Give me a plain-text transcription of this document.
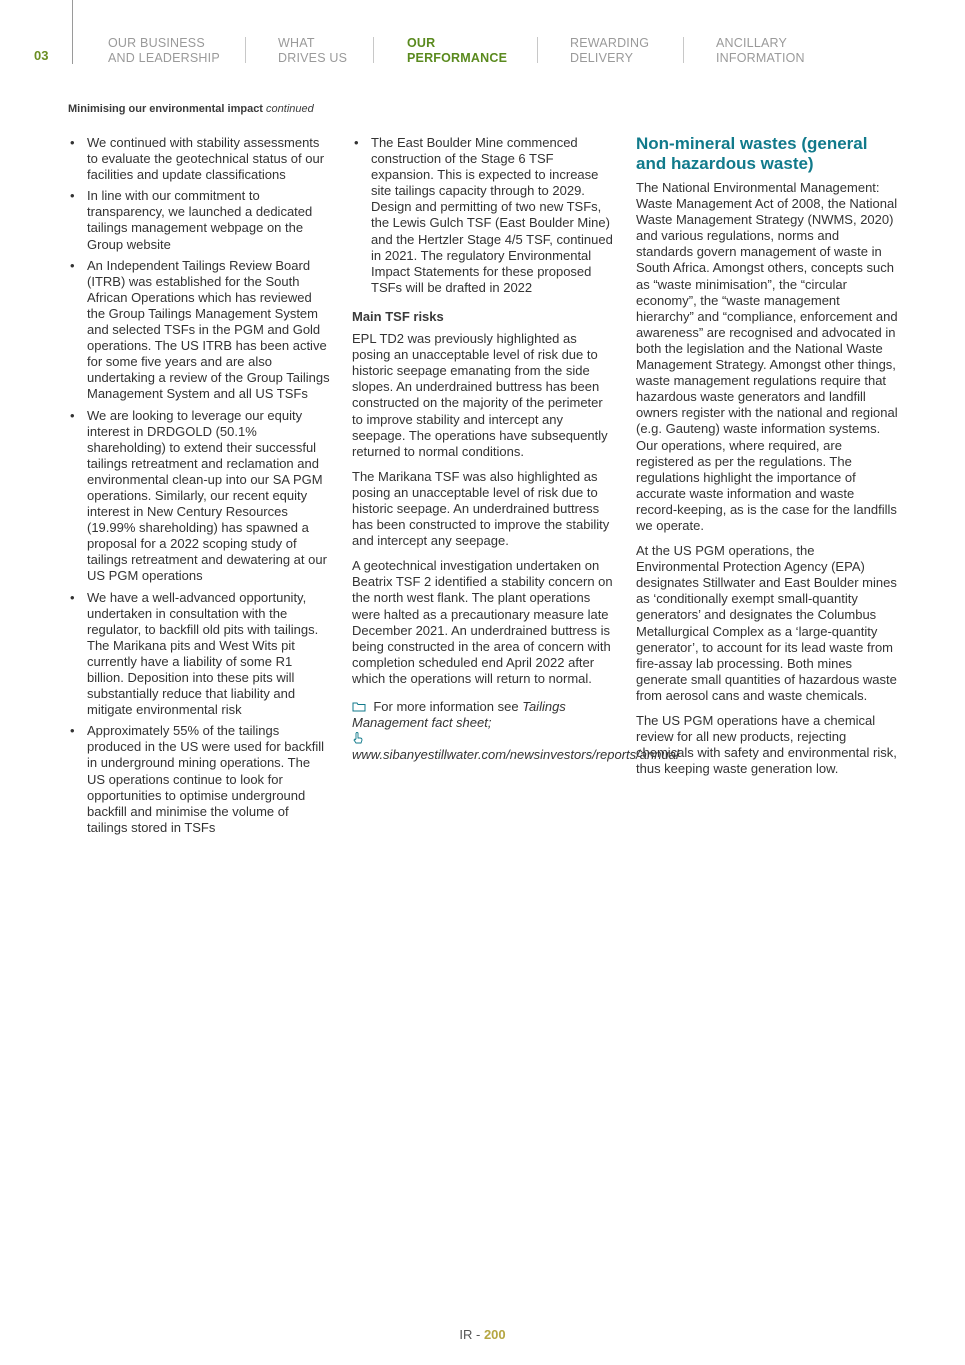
03
OUR BUSINESS
AND LEADERSHIP
WHAT
DRIVES US
OUR
PERFORMANCE
REWARDING
DELIVERY
ANCILLARY
INFORMATION
Minimising our environmental impact continued
• We continued with stability assessments to evaluate the geotechnical status of our facilities and update classifications
• In line with our commitment to transparency, we launched a dedicated tailings management webpage on the Group website
• An Independent Tailings Review Board (ITRB) was established for the South African Operations which has reviewed the Group Tailings Management System and selected TSFs in the PGM and Gold operations. The US ITRB has been active for some five years and are also undertaking a review of the Group Tailings Management System and all US TSFs
• We are looking to leverage our equity interest in DRDGOLD (50.1% shareholding) to extend their successful tailings retreatment and reclamation and environmental clean-up into our SA PGM operations. Similarly, our recent equity interest in New Century Resources (19.99% shareholding) has spawned a proposal for a 2022 scoping study of tailings retreatment and dewatering at our US PGM operations
• We have a well-advanced opportunity, undertaken in consultation with the regulator, to backfill old pits with tailings. The Marikana pits and West Wits pit currently have a liability of some R1 billion. Deposition into these pits will substantially reduce that liability and mitigate environmental risk
• Approximately 55% of the tailings produced in the US were used for backfill in underground mining operations. The US operations continue to look for opportunities to optimise underground backfill and minimise the volume of tailings stored in TSFs
• The East Boulder Mine commenced construction of the Stage 6 TSF expansion. This is expected to increase site tailings capacity through to 2029. Design and permitting of two new TSFs, the Lewis Gulch TSF (East Boulder Mine) and the Hertzler Stage 4/5 TSF, continued in 2021. The regulatory Environmental Impact Statements for these proposed TSFs will be drafted in 2022
Main TSF risks

EPL TD2 was previously highlighted as posing an unacceptable level of risk due to historic seepage emanating from the side slopes. An underdrained buttress has been constructed on the majority of the perimeter to improve stability and intercept any seepage. The operations have subsequently returned to normal conditions.

The Marikana TSF was also highlighted as posing an unacceptable level of risk due to historic seepage. An underdrained buttress has been constructed to improve the stability and intercept any seepage.

A geotechnical investigation undertaken on Beatrix TSF 2 identified a stability concern on the north west flank. The plant operations were halted as a precautionary measure late December 2021. An underdrained buttress is being constructed in the area of concern with completion scheduled end April 2022 after which the operations will return to normal.

For more information see Tailings Management fact sheet;
www.sibanyestillwater.com/newsinvestors/reports/annual
Non-mineral wastes (general and hazardous waste)

The National Environmental Management: Waste Management Act of 2008, the National Waste Management Strategy (NWMS, 2020) and various regulations, norms and standards govern management of waste in South Africa. Amongst others, concepts such as “waste minimisation”, the “circular economy”, the “waste management hierarchy” and “compliance, enforcement and awareness” are recognised and advocated in both the legislation and the National Waste Management Strategy. Amongst other things, waste management regulations require that hazardous waste generators and landfill owners register with the national and regional (e.g. Gauteng) waste information systems. Our operations, where required, are registered as per the regulations. The regulations highlight the importance of accurate waste information and waste record-keeping, as is the case for the landfills we operate.

At the US PGM operations, the Environmental Protection Agency (EPA) designates Stillwater and East Boulder mines as ‘conditionally exempt small-quantity generators’ and designates the Columbus Metallurgical Complex as a ‘large-quantity generator’, to account for its lead waste from fire-assay lab processing. Both mines generate small quantities of hazardous waste from aerosol cans and waste chemicals.

The US PGM operations have a chemical review for all new products, rejecting chemicals with safety and environmental risk, thus keeping waste generation low.

IR - 200
